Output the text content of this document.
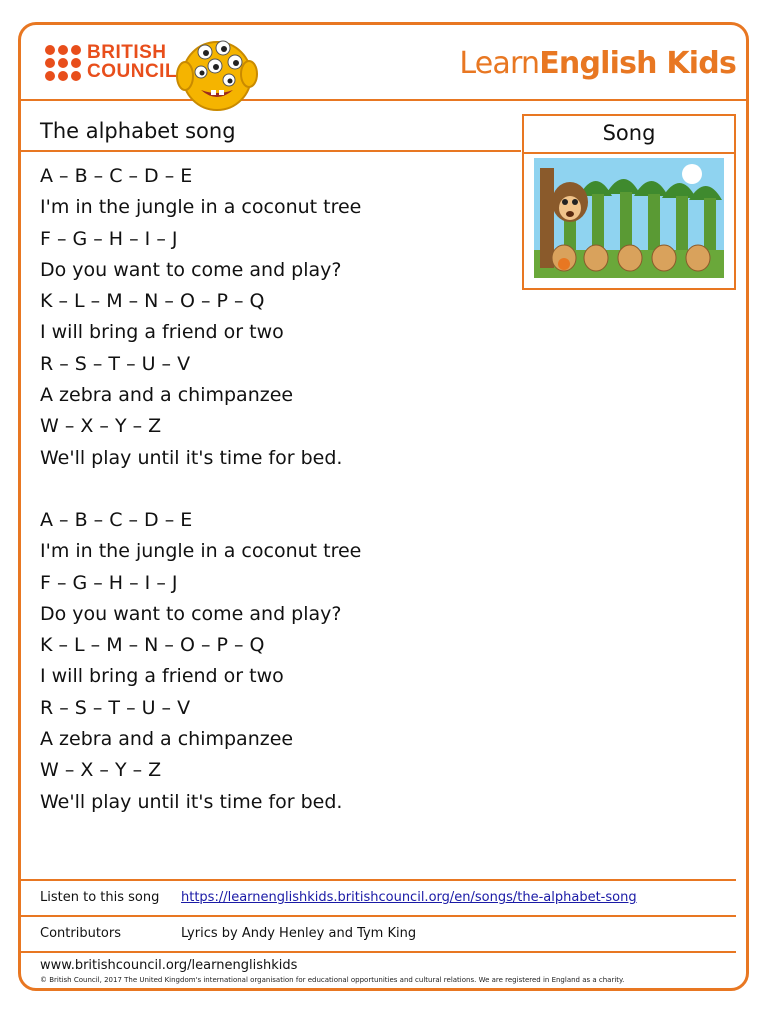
BRITISH
COUNCIL	LearnEnglish Kids
The alphabet song	Song
A – B – C – D – E
I'm in the jungle in a coconut tree
F – G – H – I – J
Do you want to come and play?
K – L – M – N – O – P – Q
I will bring a friend or two
R – S – T – U – V
A zebra and a chimpanzee
W – X – Y – Z
We'll play until it's time for bed.
A – B – C – D – E
I'm in the jungle in a coconut tree
F – G – H – I – J
Do you want to come and play?
K – L – M – N – O – P – Q
I will bring a friend or two
R – S – T – U – V
A zebra and a chimpanzee
W – X – Y – Z
We'll play until it's time for bed.
Listen to this song https://learnenglishkids.britishcouncil.org/en/songs/the-alphabet-song
Contributors	Lyrics by Andy Henley and Tym King
www.britishcouncil.org/learnenglishkids
© British Council, 2017 The United Kingdom's international organisation for educational opportunities and cultural relations. We are registered in England as a charity.
